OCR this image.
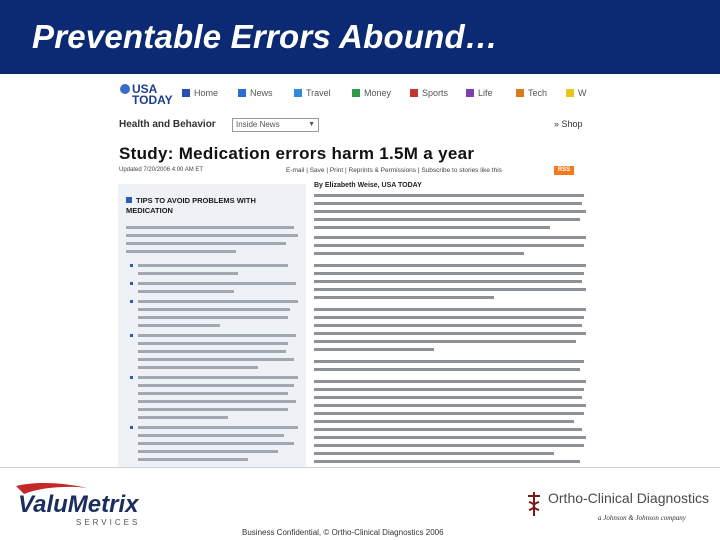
Preventable Errors Abound…
USA TODAY	Home	News	Travel	Money	Sports	Life	Tech	W
Health and Behavior	Inside News	▼	» Shop
Study: Medication errors harm 1.5M a year
Updated 7/20/2006 4:00 AM ET	E-mail | Save | Print | Reprints & Permissions | Subscribe to stories like this	RSS
TIPS TO AVOID PROBLEMS WITH MEDICATION
By Elizabeth Weise, USA TODAY
ValuMetrix
SERVICES
Ortho-Clinical Diagnostics
a Johnson & Johnson company
Business Confidential, © Ortho-Clinical Diagnostics 2006
